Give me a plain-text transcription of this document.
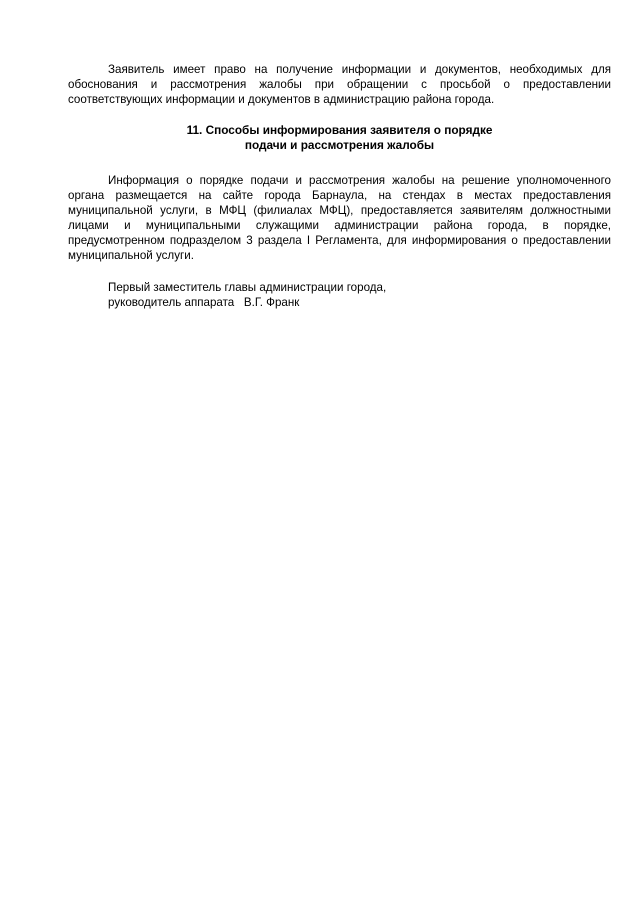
Заявитель имеет право на получение информации и документов, необходимых для обоснования и рассмотрения жалобы при обращении с просьбой о предоставлении соответствующих информации и документов в администрацию района города.

11. Способы информирования заявителя о порядке
подачи и рассмотрения жалобы

Информация о порядке подачи и рассмотрения жалобы на решение уполномоченного органа размещается на сайте города Барнаула, на стендах в местах предоставления муниципальной услуги, в МФЦ (филиалах МФЦ), предоставляется заявителям должностными лицами и муниципальными служащими администрации района города, в порядке, предусмотренном подразделом 3 раздела I Регламента, для информирования о предоставлении муниципальной услуги.

Первый заместитель главы администрации города,
руководитель аппарата   В.Г. Франк
